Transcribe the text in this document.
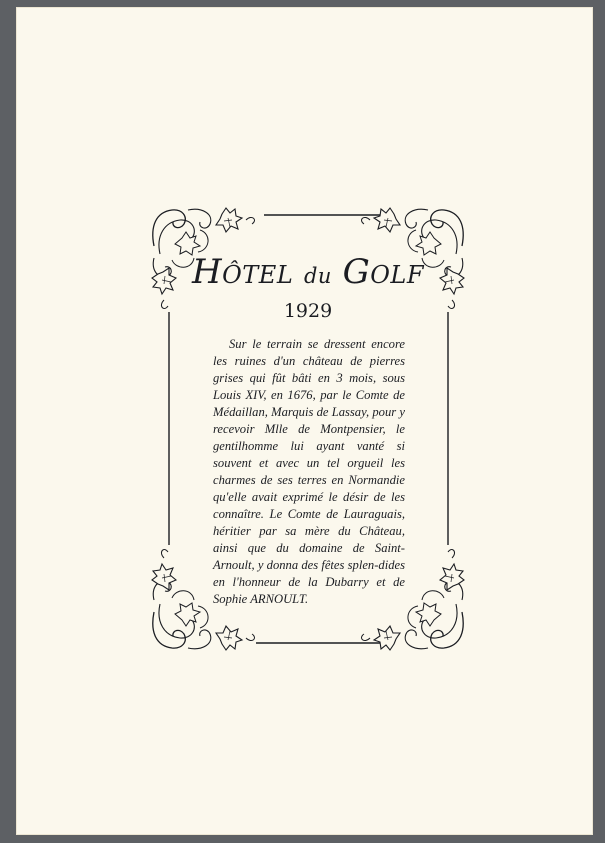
HÔTEL du GOLF
1929

Sur le terrain se dressent encore les ruines d'un château de pierres grises qui fût bâti en 3 mois, sous Louis XIV, en 1676, par le Comte de Médaillan, Marquis de Lassay, pour y recevoir Mlle de Montpensier, le gentilhomme lui ayant vanté si souvent et avec un tel orgueil les charmes de ses terres en Normandie qu'elle avait exprimé le désir de les connaître. Le Comte de Lauraguais, héritier par sa mère du Château, ainsi que du domaine de Saint-Arnoult, y donna des fêtes splen-dides en l'honneur de la Dubarry et de Sophie ARNOULT.
